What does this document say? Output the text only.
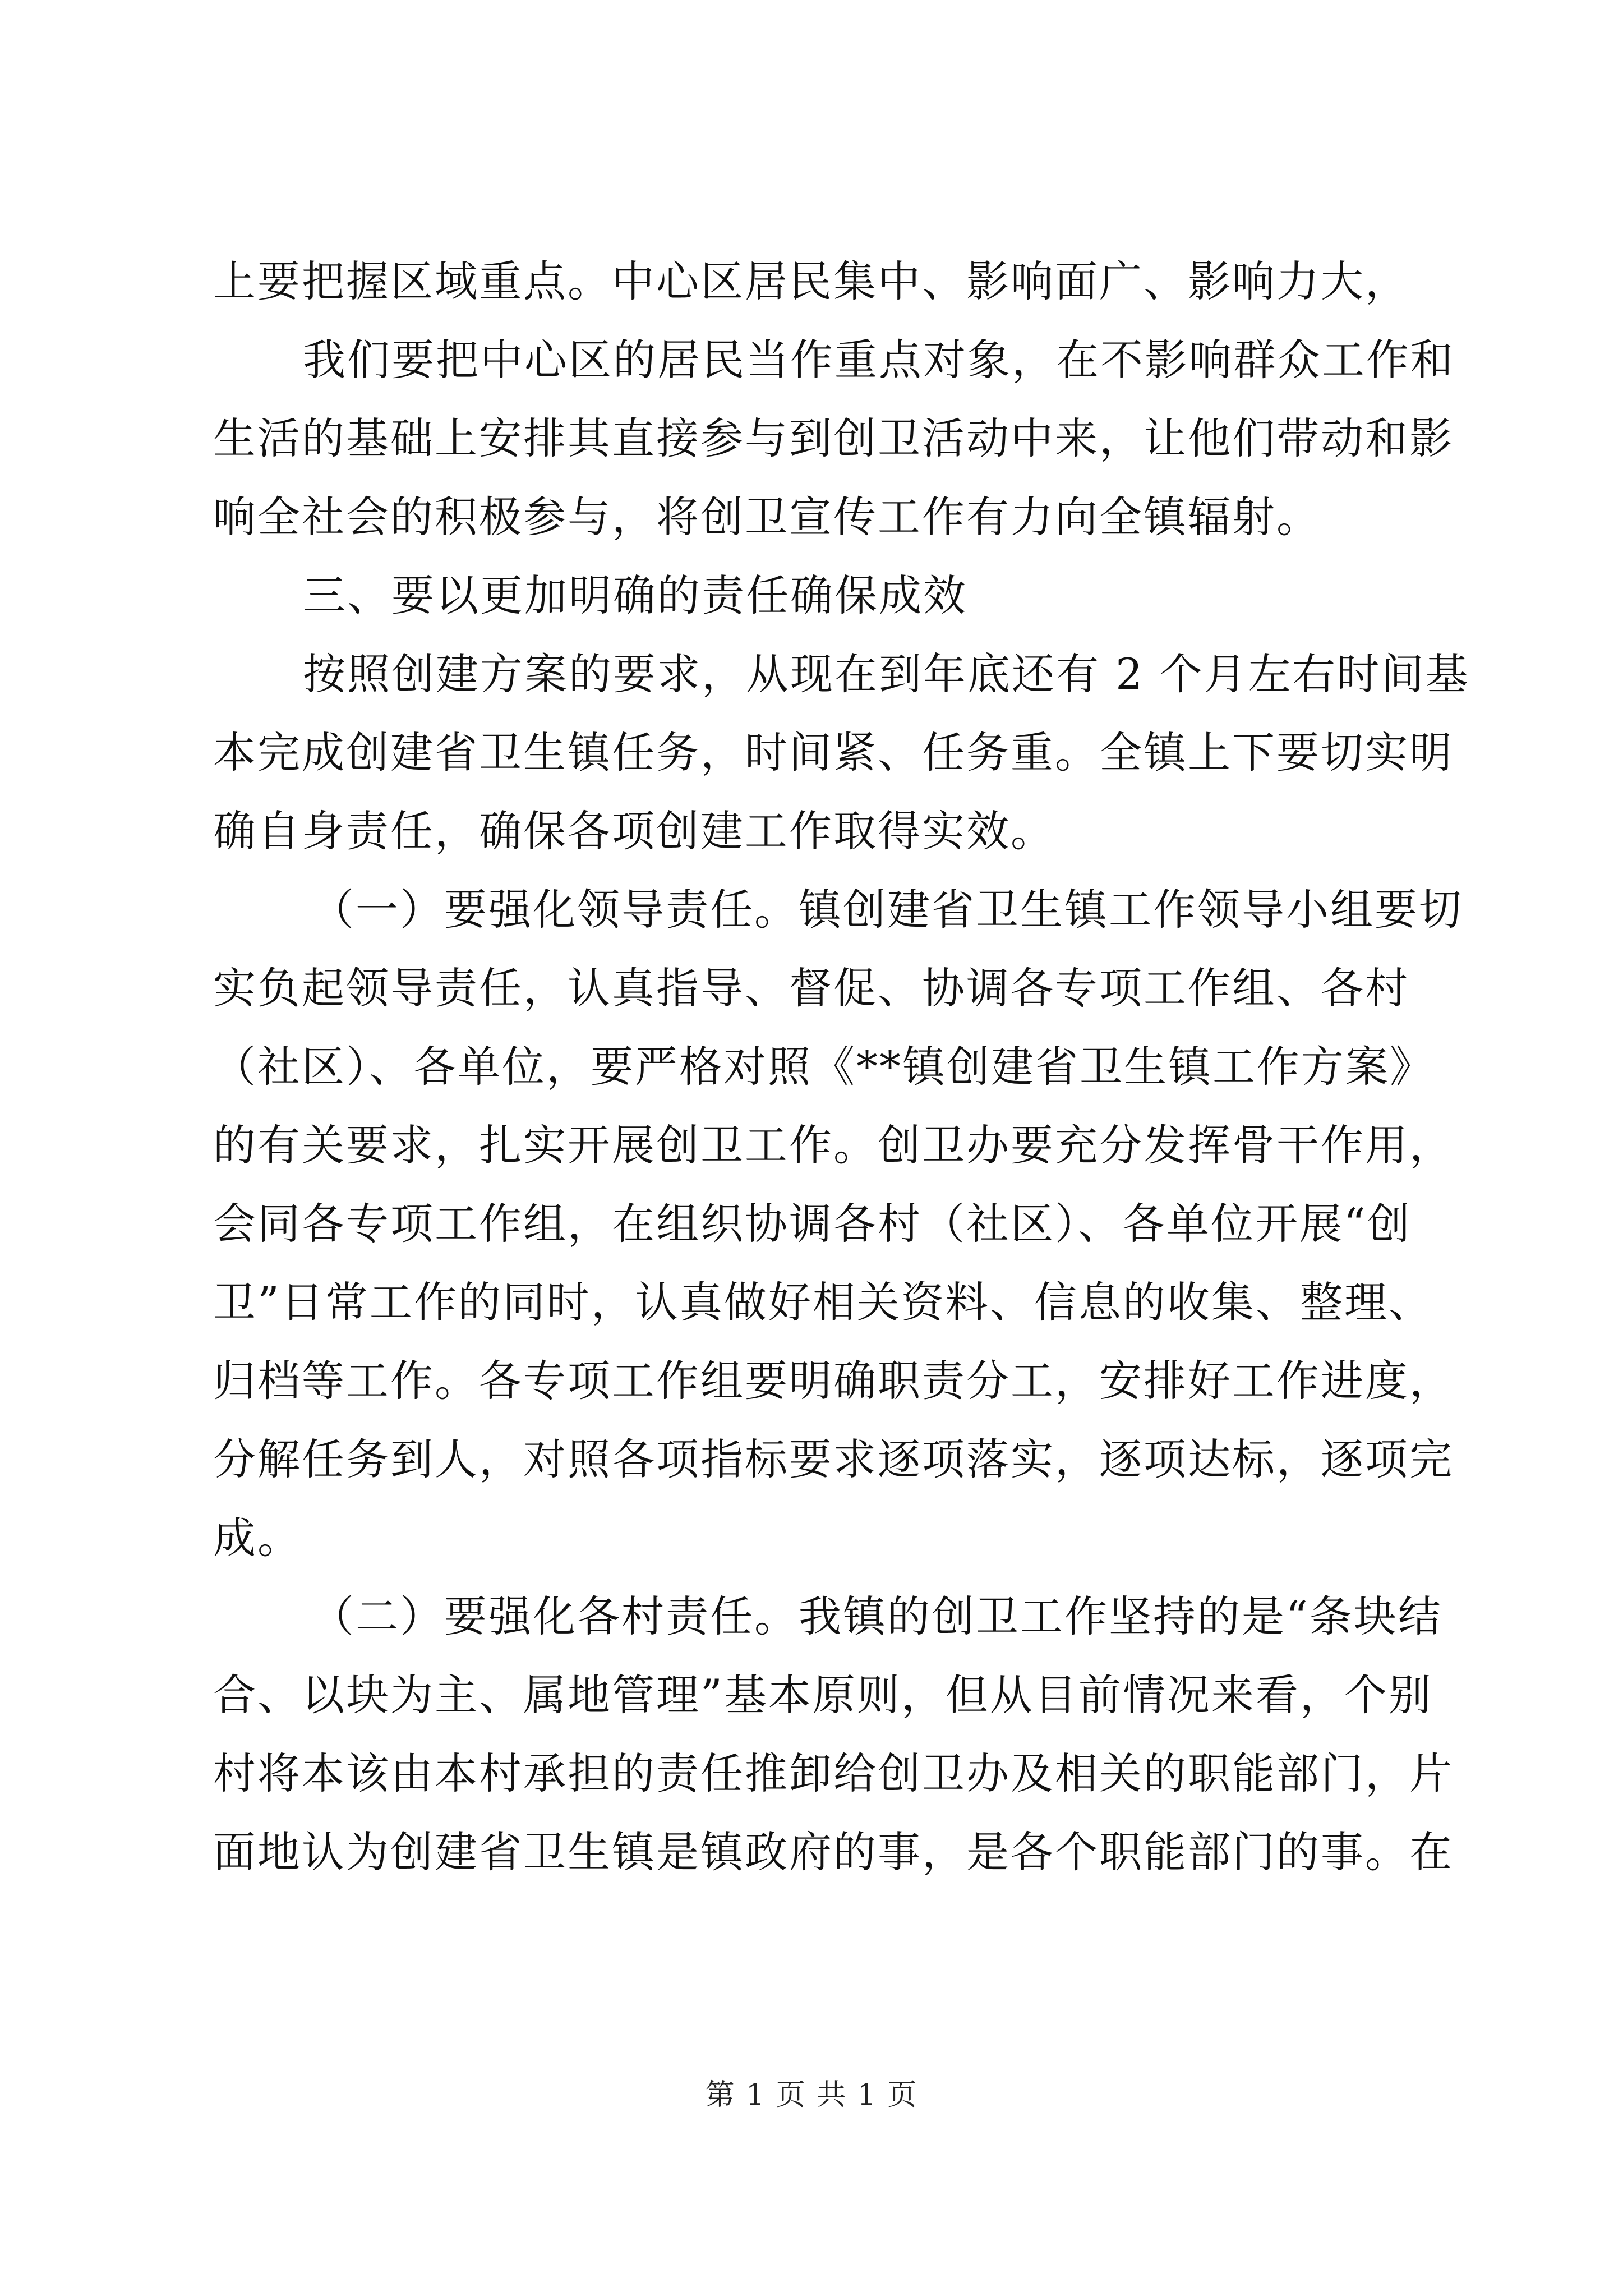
上要把握区域重点。中心区居民集中、影响面广、影响力大，
我们要把中心区的居民当作重点对象，在不影响群众工作和
生活的基础上安排其直接参与到创卫活动中来，让他们带动和影
响全社会的积极参与，将创卫宣传工作有力向全镇辐射。
三、要以更加明确的责任确保成效
按照创建方案的要求，从现在到年底还有 2 个月左右时间基
本完成创建省卫生镇任务，时间紧、任务重。全镇上下要切实明
确自身责任，确保各项创建工作取得实效。
（一）要强化领导责任。镇创建省卫生镇工作领导小组要切
实负起领导责任，认真指导、督促、协调各专项工作组、各村
（社区）、各单位，要严格对照《**镇创建省卫生镇工作方案》
的有关要求，扎实开展创卫工作。创卫办要充分发挥骨干作用，
会同各专项工作组，在组织协调各村（社区）、各单位开展“创
卫”日常工作的同时，认真做好相关资料、信息的收集、整理、
归档等工作。各专项工作组要明确职责分工，安排好工作进度，
分解任务到人，对照各项指标要求逐项落实，逐项达标，逐项完
成。
（二）要强化各村责任。我镇的创卫工作坚持的是“条块结
合、以块为主、属地管理”基本原则，但从目前情况来看，个别
村将本该由本村承担的责任推卸给创卫办及相关的职能部门，片
面地认为创建省卫生镇是镇政府的事，是各个职能部门的事。在
第 1 页 共 1 页
